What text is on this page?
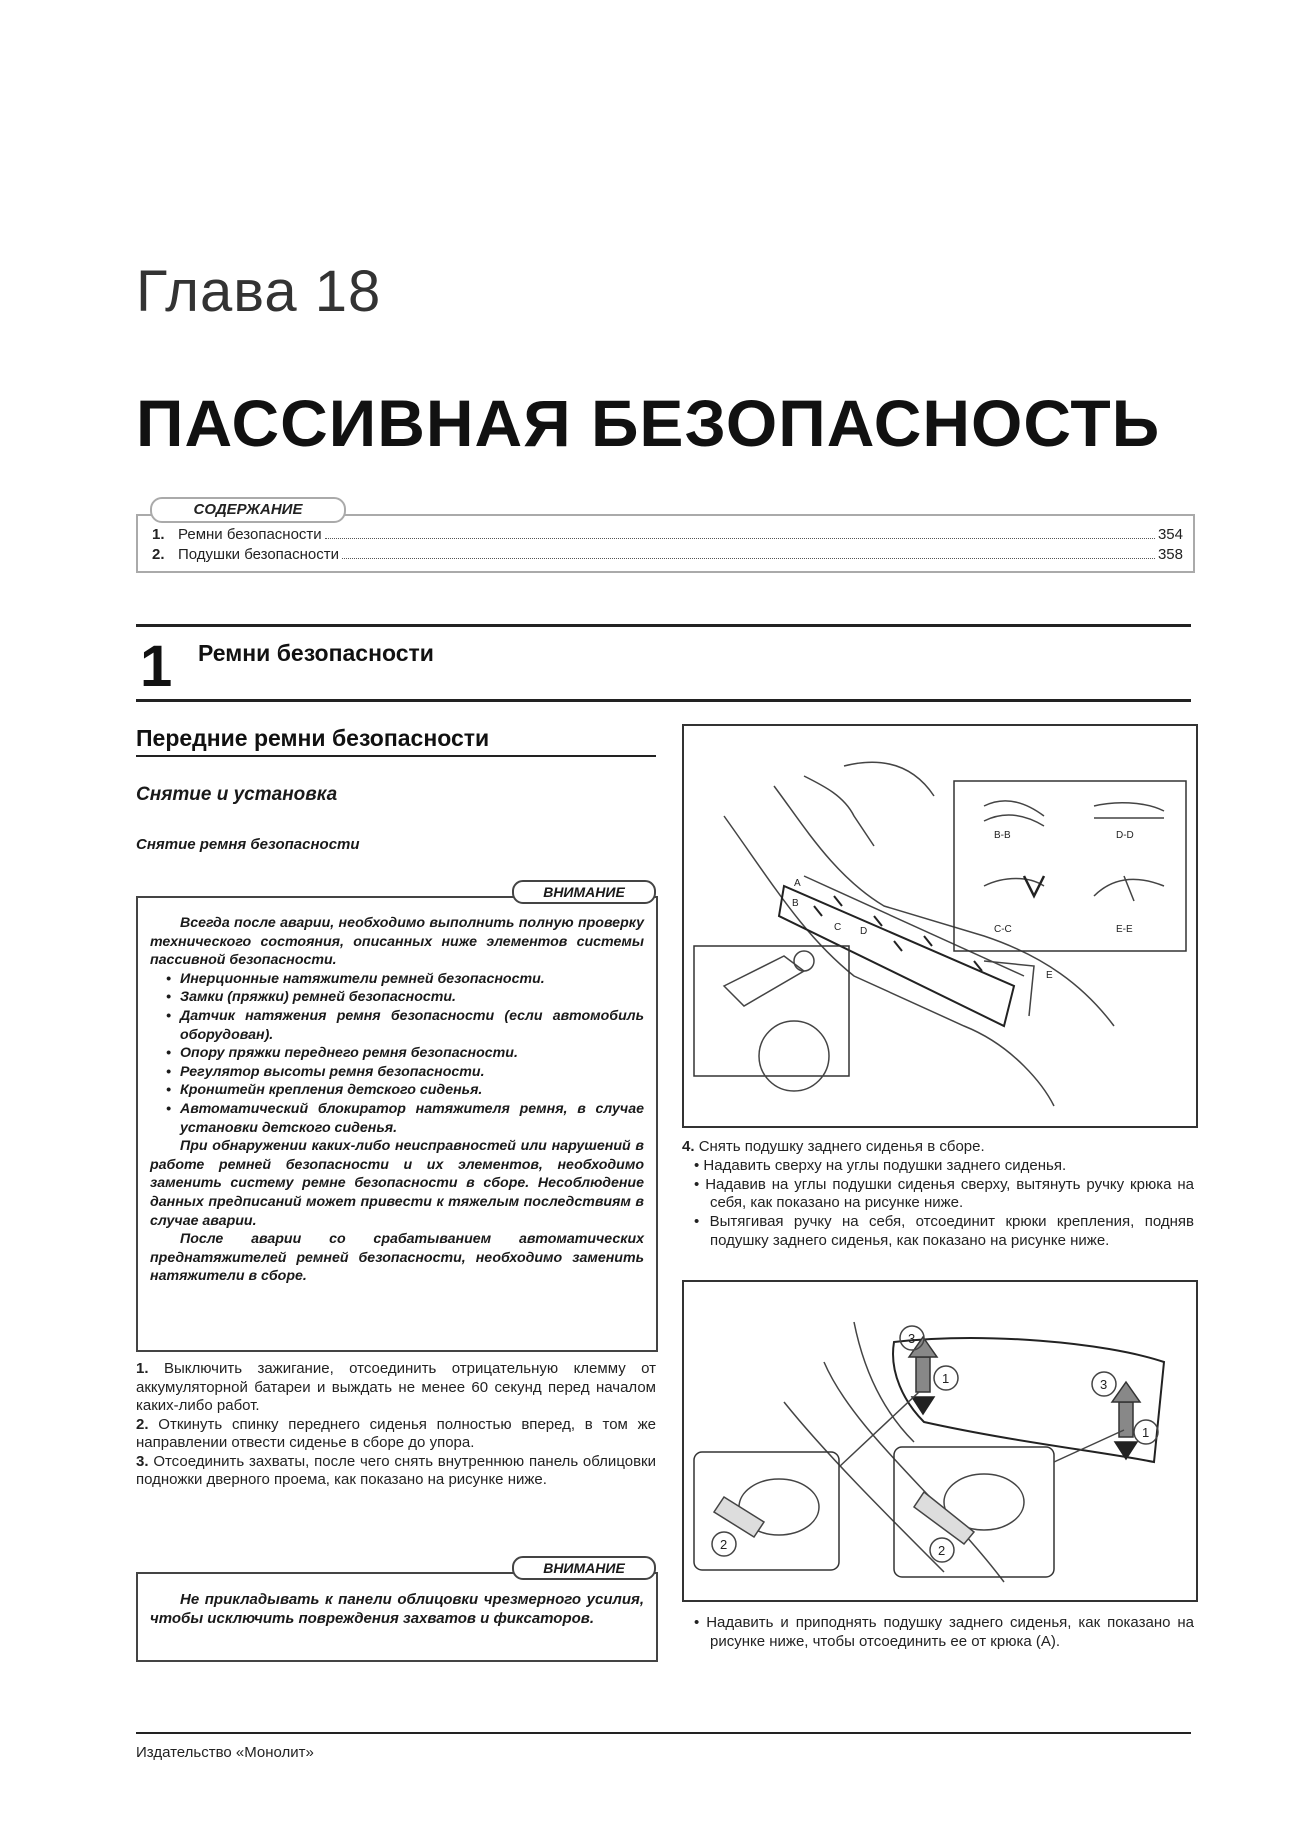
Глава 18
ПАССИВНАЯ БЕЗОПАСНОСТЬ
1. Ремни безопасности	354
2. Подушки безопасности	358
СОДЕРЖАНИЕ
1 Ремни безопасности
Передние ремни безопасности
Снятие и установка
Снятие ремня безопасности

Всегда после аварии, необходимо выполнить полную проверку технического состояния, описанных ниже элементов системы пассивной безопасности.

• Инерционные натяжители ремней безопасности.
• Замки (пряжки) ремней безопасности.
• Датчик натяжения ремня безопасности (если автомобиль оборудован).
• Опору пряжки переднего ремня безопасности.
• Регулятор высоты ремня безопасности.
• Кронштейн крепления детского сиденья.
• Автоматический блокиратор натяжителя ремня, в случае установки детского сиденья.

При обнаружении каких-либо неисправностей или нарушений в работе ремней безопасности и их элементов, необходимо заменить систему ремне безопасности в сборе. Несоблюдение данных предписаний может привести к тяжелым последствиям в случае аварии.

После аварии со срабатыванием автоматических преднатяжителей ремней безопасности, необходимо заменить натяжители в сборе.

ВНИМАНИЕ

1. Выключить зажигание, отсоединить отрицательную клемму от аккумуляторной батареи и выждать не менее 60 секунд перед началом каких-либо работ.

2. Откинуть спинку переднего сиденья полностью вперед, в том же направлении отвести сиденье в сборе до упора.

3. Отсоединить захваты, после чего снять внутреннюю панель облицовки подножки дверного проема, как показано на рисунке ниже.

Не прикладывать к панели облицовки чрезмерного усилия, чтобы исключить повреждения захватов и фиксаторов.

ВНИМАНИЕ
A
B
C D
E
B-B	D-D
C-C	E-E

4. Снять подушку заднего сиденья в сборе.

• Надавить сверху на углы подушки заднего сиденья.

• Надавив на углы подушки сиденья сверху, вытянуть ручку крюка на себя, как показано на рисунке ниже.

• Вытягивая ручку на себя, отсоединит крюки крепления, подняв подушку заднего сиденья, как показано на рисунке ниже.

3
1	3
1
2	2

• Надавить и приподнять подушку заднего сиденья, как показано на рисунке ниже, чтобы отсоединить ее от крюка (А).

Издательство «Монолит»
